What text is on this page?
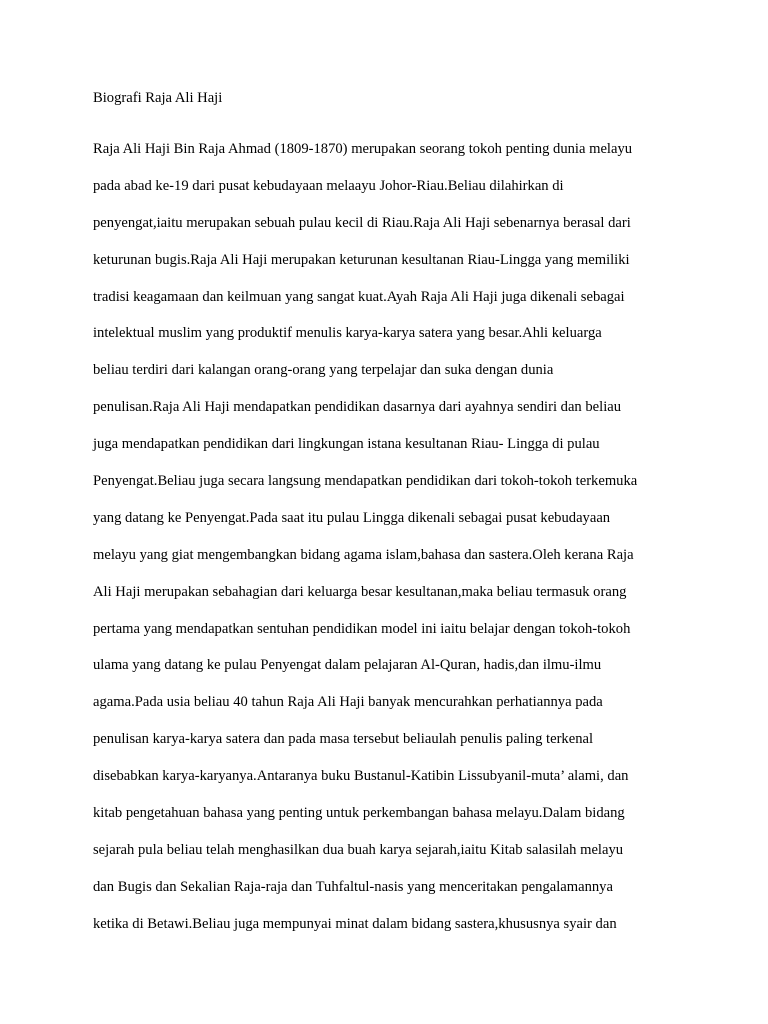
Biografi Raja Ali Haji
Raja Ali Haji Bin Raja Ahmad (1809-1870) merupakan seorang tokoh penting dunia melayu
pada abad ke-19 dari pusat kebudayaan melaayu Johor-Riau.Beliau dilahirkan di
penyengat,iaitu merupakan sebuah pulau kecil di Riau.Raja Ali Haji sebenarnya berasal dari
keturunan bugis.Raja Ali Haji merupakan keturunan kesultanan Riau-Lingga yang memiliki
tradisi keagamaan dan keilmuan yang sangat kuat.Ayah Raja Ali Haji juga dikenali sebagai
intelektual muslim yang produktif menulis karya-karya satera yang besar.Ahli keluarga
beliau terdiri dari kalangan orang-orang yang terpelajar dan suka dengan dunia
penulisan.Raja Ali Haji mendapatkan pendidikan dasarnya dari ayahnya sendiri dan beliau
juga mendapatkan pendidikan dari lingkungan istana kesultanan Riau- Lingga di pulau
Penyengat.Beliau juga secara langsung mendapatkan pendidikan dari tokoh-tokoh terkemuka
yang datang ke Penyengat.Pada saat itu pulau Lingga dikenali sebagai pusat kebudayaan
melayu yang giat mengembangkan bidang agama islam,bahasa dan sastera.Oleh kerana Raja
Ali Haji merupakan sebahagian dari keluarga besar kesultanan,maka beliau termasuk orang
pertama yang mendapatkan sentuhan pendidikan model ini iaitu belajar dengan tokoh-tokoh
ulama yang datang ke pulau Penyengat dalam pelajaran Al-Quran, hadis,dan ilmu-ilmu
agama.Pada usia beliau 40 tahun Raja Ali Haji banyak mencurahkan perhatiannya pada
penulisan karya-karya satera dan pada masa tersebut beliaulah penulis paling terkenal
disebabkan karya-karyanya.Antaranya buku Bustanul-Katibin Lissubyanil-muta’ alami, dan
kitab pengetahuan bahasa yang penting untuk perkembangan bahasa melayu.Dalam bidang
sejarah pula beliau telah menghasilkan dua buah karya sejarah,iaitu Kitab salasilah melayu
dan Bugis dan Sekalian Raja-raja dan Tuhfaltul-nasis yang menceritakan pengalamannya
ketika di Betawi.Beliau juga mempunyai minat dalam bidang sastera,khususnya syair dan
